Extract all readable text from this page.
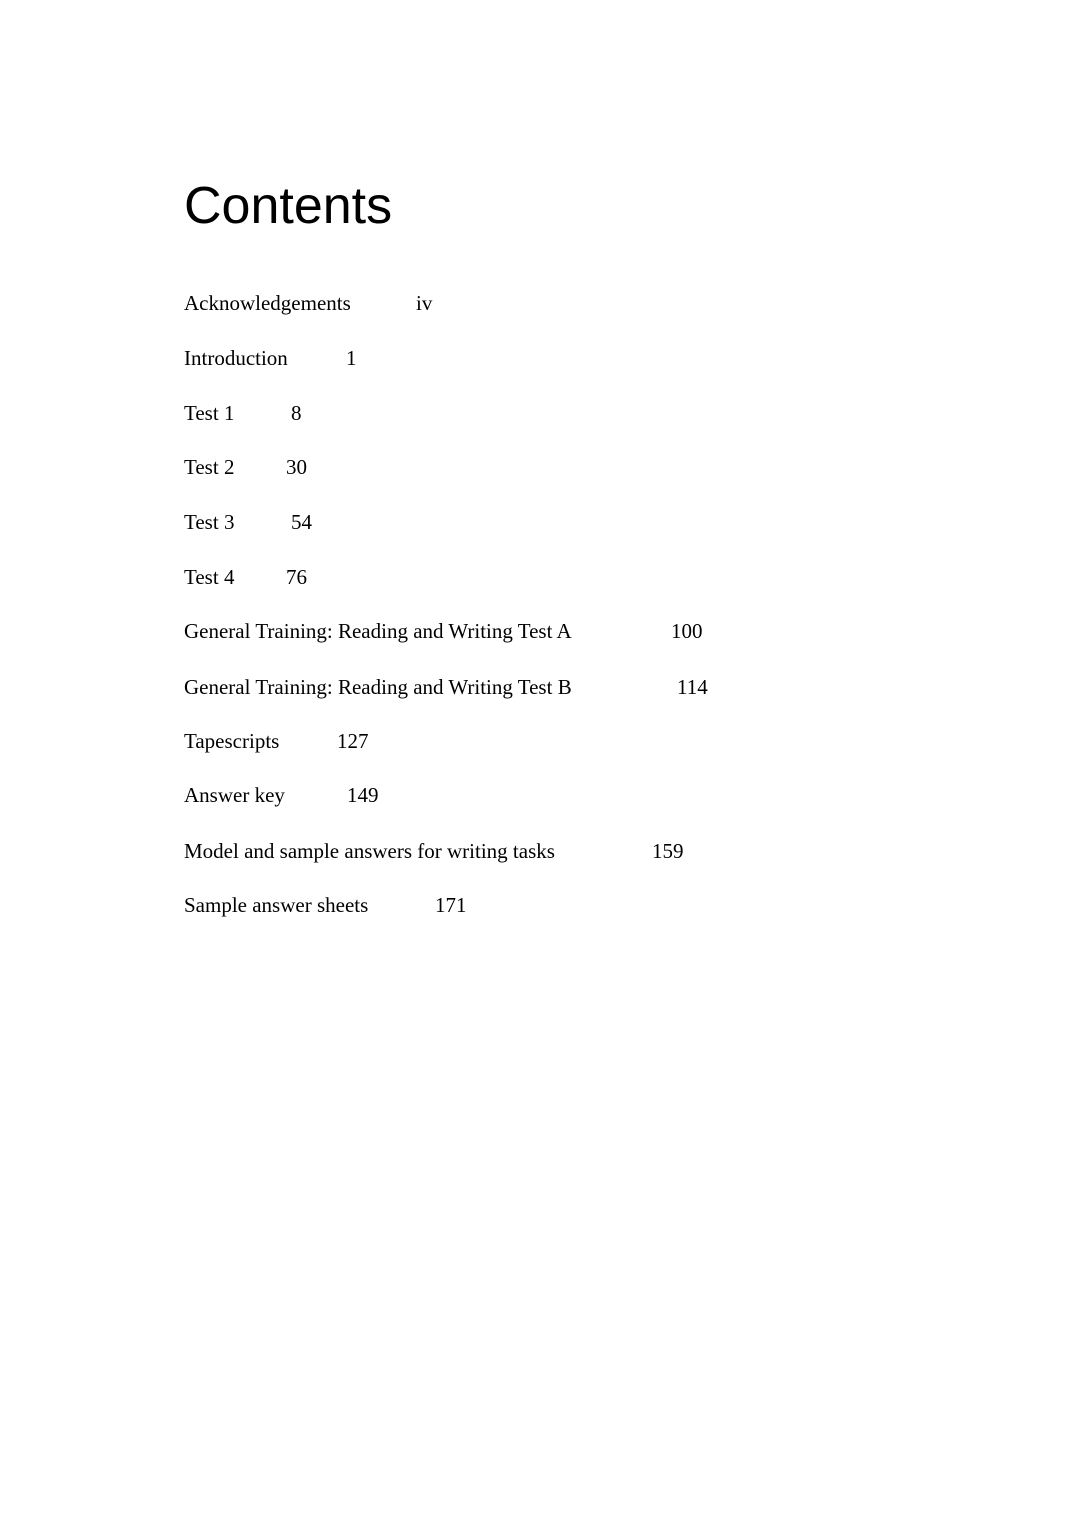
Contents
Acknowledgements	iv
Introduction	1
Test 1	8
Test 2 30
Test 3	54
Test 4 76
General Training: Reading and Writing Test A	100
General Training: Reading and Writing Test B	114
Tapescripts	127
Answer key	149
Model and sample answers for writing tasks	159
Sample answer sheets	171
